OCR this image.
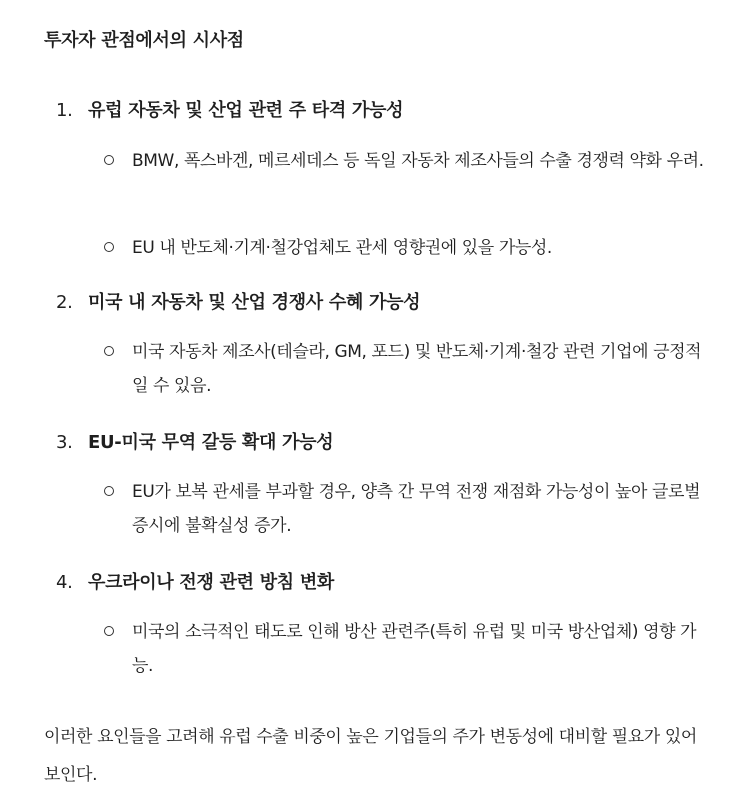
투자자 관점에서의 시사점
1. 유럽 자동차 및 산업 관련 주 타격 가능성
BMW, 폭스바겐, 메르세데스 등 독일 자동차 제조사들의 수출 경쟁력 약화 우려.
EU 내 반도체·기계·철강업체도 관세 영향권에 있을 가능성.
2. 미국 내 자동차 및 산업 경쟁사 수혜 가능성
미국 자동차 제조사(테슬라, GM, 포드) 및 반도체·기계·철강 관련 기업에 긍정적일 수 있음.
3. EU-미국 무역 갈등 확대 가능성
EU가 보복 관세를 부과할 경우, 양측 간 무역 전쟁 재점화 가능성이 높아 글로벌 증시에 불확실성 증가.
4. 우크라이나 전쟁 관련 방침 변화
미국의 소극적인 태도로 인해 방산 관련주(특히 유럽 및 미국 방산업체) 영향 가능.
이러한 요인들을 고려해 유럽 수출 비중이 높은 기업들의 주가 변동성에 대비할 필요가 있어 보인다.
